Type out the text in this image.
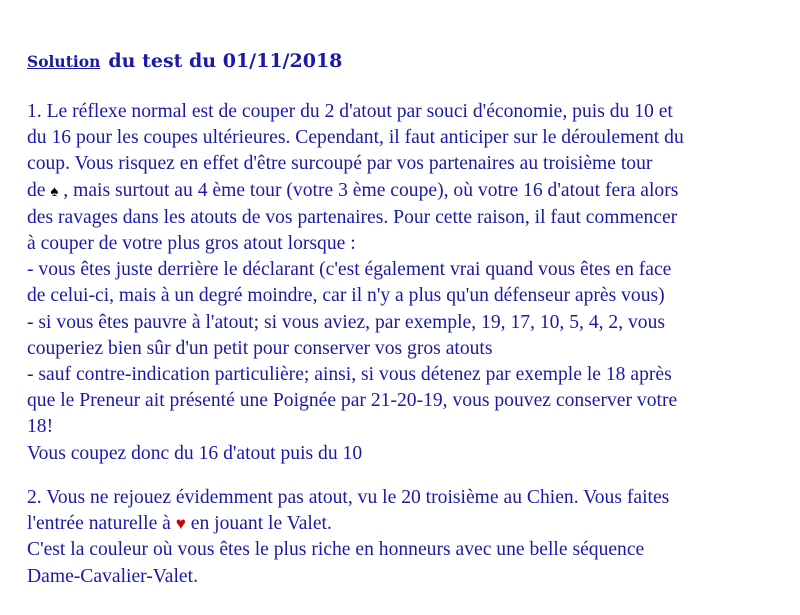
Solution du test du 01/11/2018
1. Le réflexe normal est de couper du 2 d'atout par souci d'économie, puis du 10 et
du 16 pour les coupes ultérieures. Cependant, il faut anticiper sur le déroulement du
coup. Vous risquez en effet d'être surcoupé par vos partenaires au troisième tour
de ♠ , mais surtout au 4 ème tour (votre 3 ème coupe), où votre 16 d'atout fera alors
des ravages dans les atouts de vos partenaires. Pour cette raison, il faut commencer
à couper de votre plus gros atout lorsque :
- vous êtes juste derrière le déclarant (c'est également vrai quand vous êtes en face
de celui-ci, mais à un degré moindre, car il n'y a plus qu'un défenseur après vous)
- si vous êtes pauvre à l'atout; si vous aviez, par exemple, 19, 17, 10, 5, 4, 2, vous
couperiez bien sûr d'un petit pour conserver vos gros atouts
- sauf contre-indication particulière; ainsi, si vous détenez par exemple le 18 après
que le Preneur ait présenté une Poignée par 21-20-19, vous pouvez conserver votre
18!
Vous coupez donc du 16 d'atout puis du 10
2. Vous ne rejouez évidemment pas atout, vu le 20 troisième au Chien. Vous faites
l'entrée naturelle à ♥ en jouant le Valet.
C'est la couleur où vous êtes le plus riche en honneurs avec une belle séquence
Dame-Cavalier-Valet.
